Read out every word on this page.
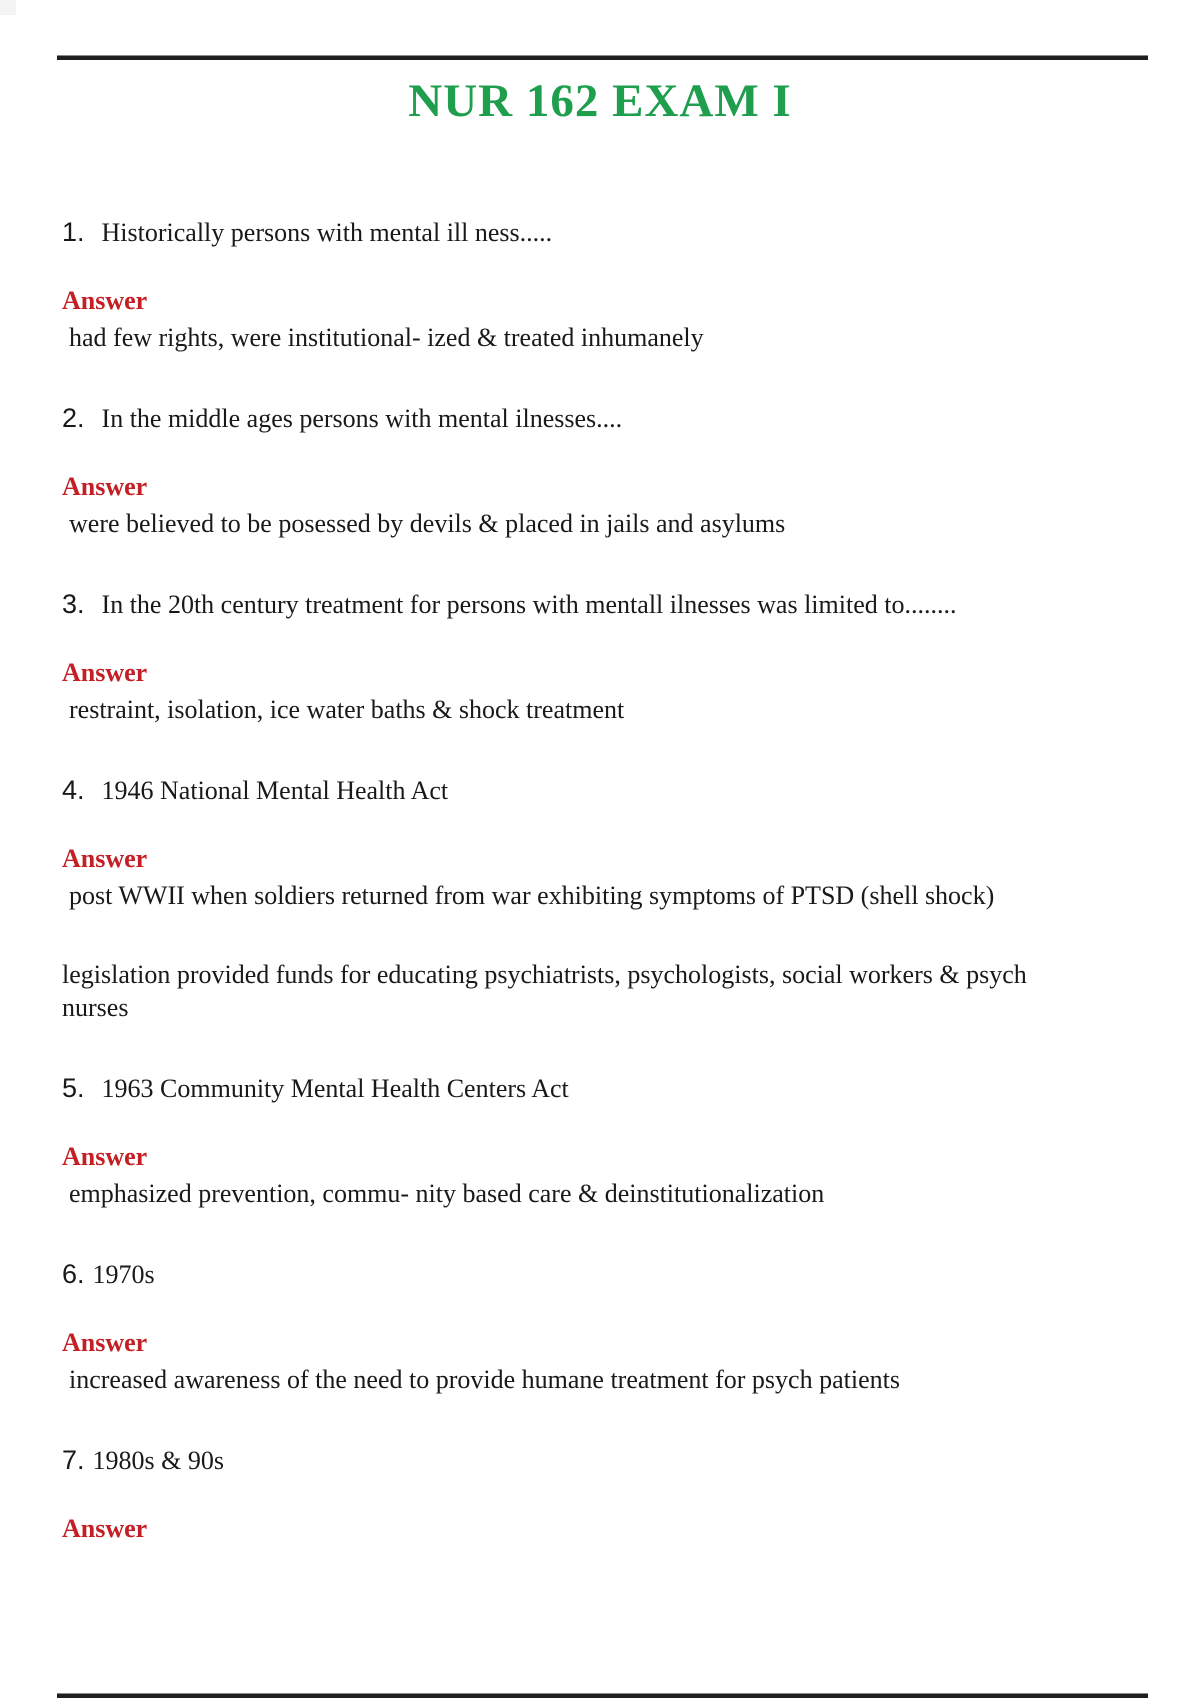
NUR 162 EXAM I
1. Historically persons with mental ill ness.....
Answer

had few rights, were institutional- ized & treated inhumanely

2. In the middle ages persons with mental ilnesses....
Answer

were believed to be posessed by devils & placed in jails and asylums

3. In the 20th century treatment for persons with mentall ilnesses was limited to........
Answer

restraint, isolation, ice water baths & shock treatment

4. 1946 National Mental Health Act
Answer

post WWII when soldiers returned from war exhibiting symptoms of PTSD (shell shock)

legislation provided funds for educating psychiatrists, psychologists, social workers & psych nurses

5. 1963 Community Mental Health Centers Act
Answer

emphasized prevention, commu- nity based care & deinstitutionalization

6. 1970s
Answer

increased awareness of the need to provide humane treatment for psych patients

7. 1980s & 90s
Answer
